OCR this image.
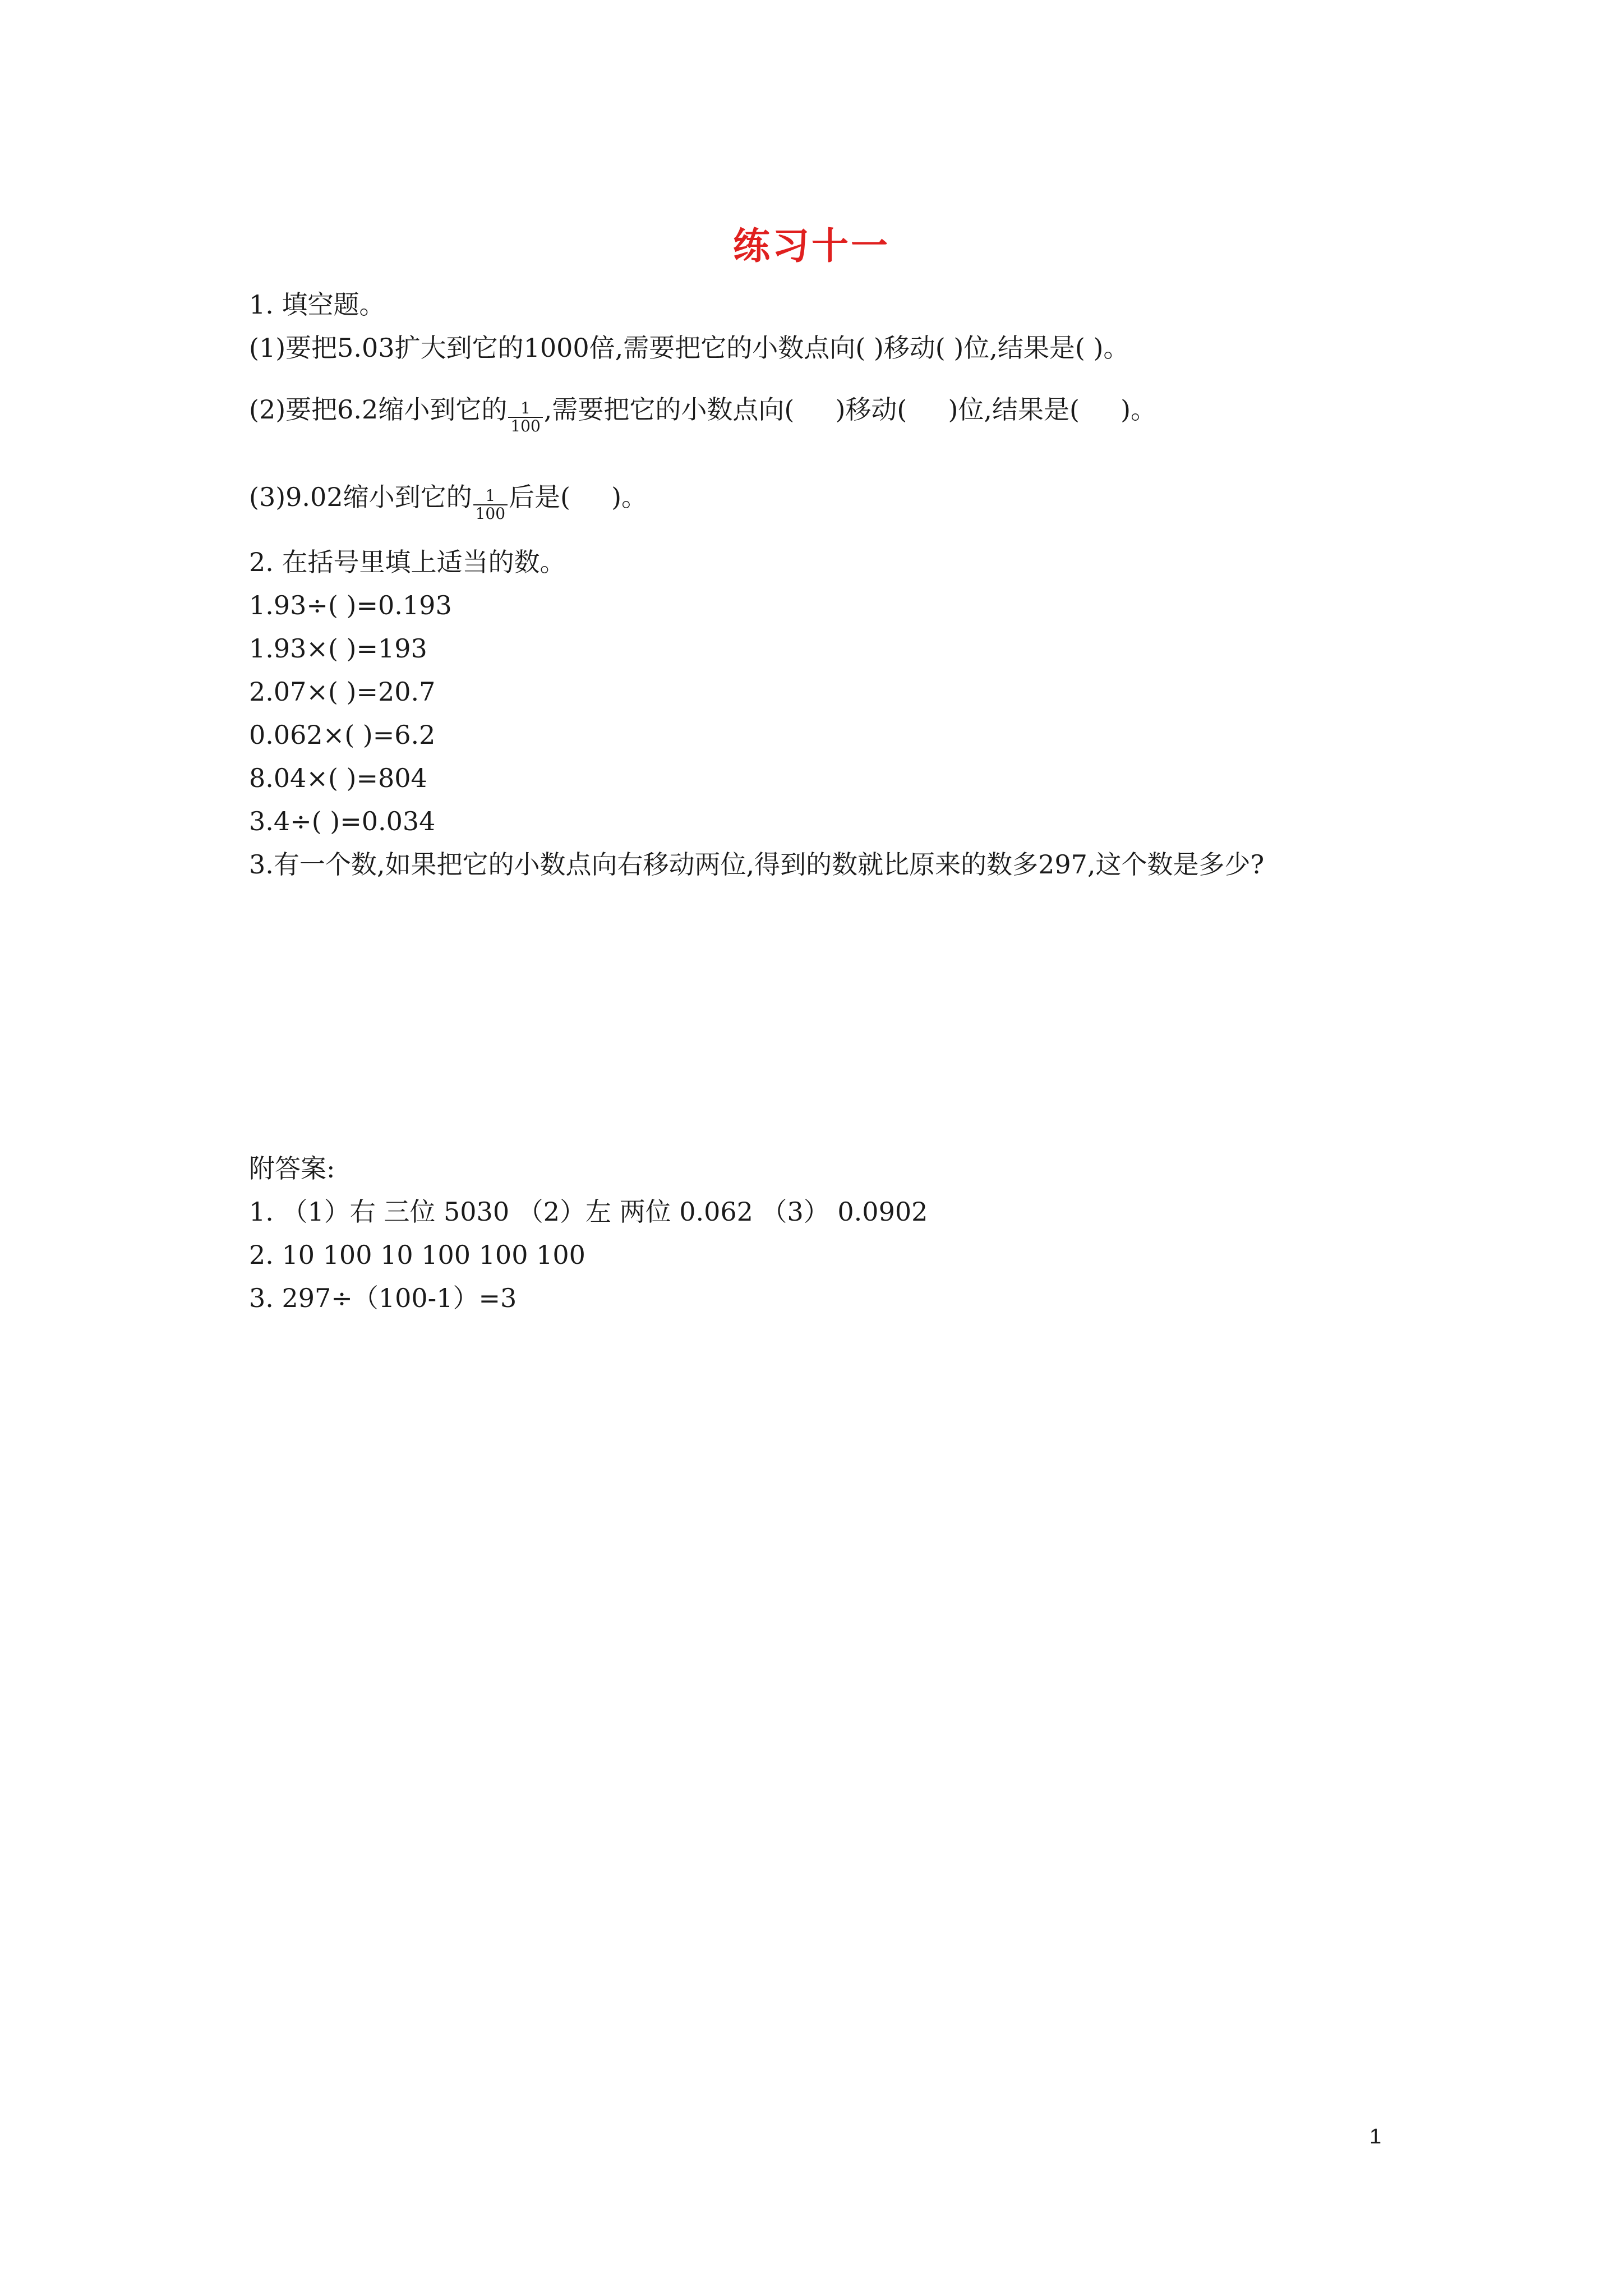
练习十一
1. 填空题。
(1)要把5.03扩大到它的1000倍,需要把它的小数点向( )移动( )位,结果是( )。
(2)要把6.2缩小到它的 $\frac{1}{100}$ ,需要把它的小数点向(     )移动(     )位,结果是(     )。
(3)9.02缩小到它的 $\frac{1}{100}$ 后是(     )。
2. 在括号里填上适当的数。
1.93÷( )=0.193
1.93×( )=193
2.07×( )=20.7
0.062×( )=6.2
8.04×( )=804
3.4÷( )=0.034
3.有一个数,如果把它的小数点向右移动两位,得到的数就比原来的数多297,这个数是多少?
附答案:
1. （1）右 三位 5030 （2）左 两位 0.062 （3） 0.0902
2. 10 100 10 100 100 100
3. 297÷（100-1）=3
1
